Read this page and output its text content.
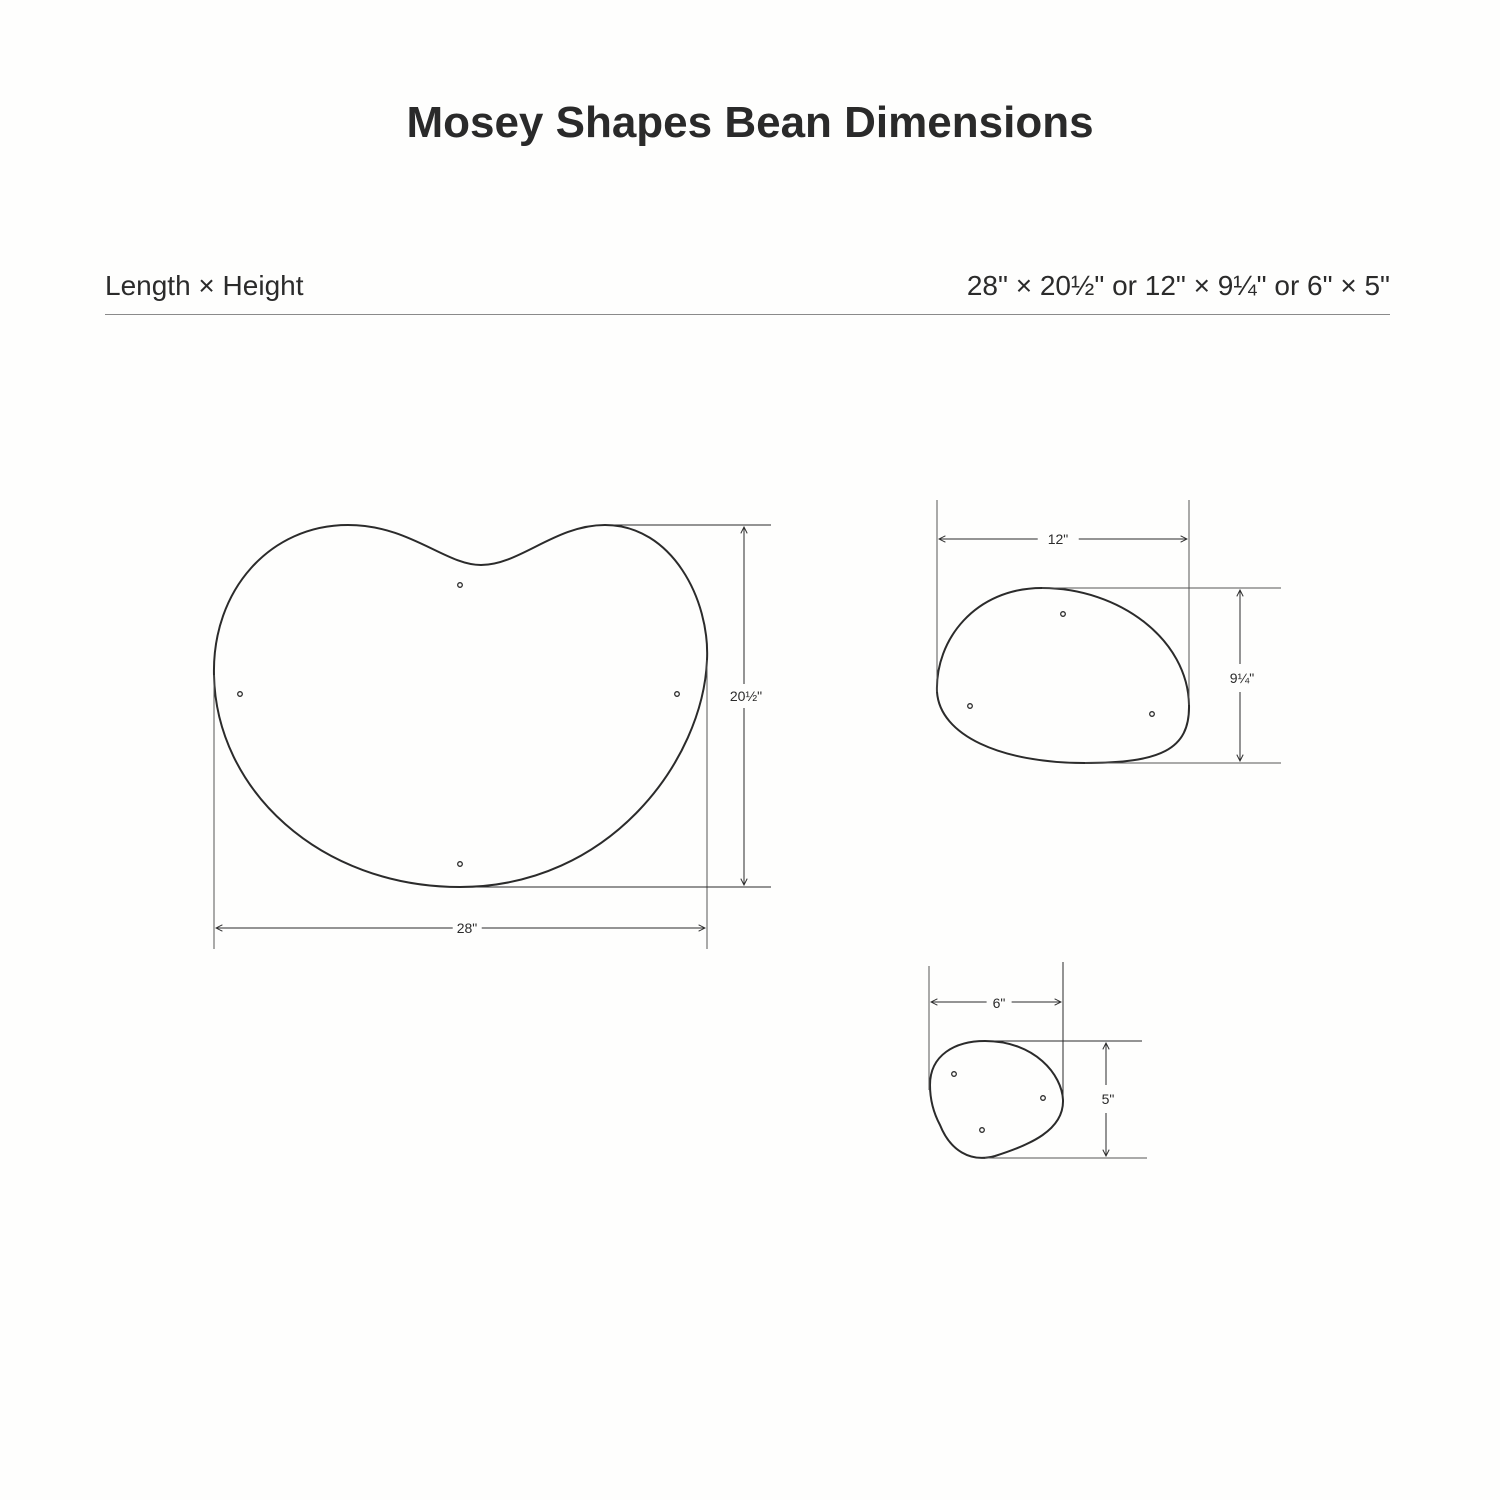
Mosey Shapes Bean Dimensions
Length × Height	28" × 20½" or 12" × 9¼" or 6" × 5"
28"
20½"
12"
9¼"
6"
5"
